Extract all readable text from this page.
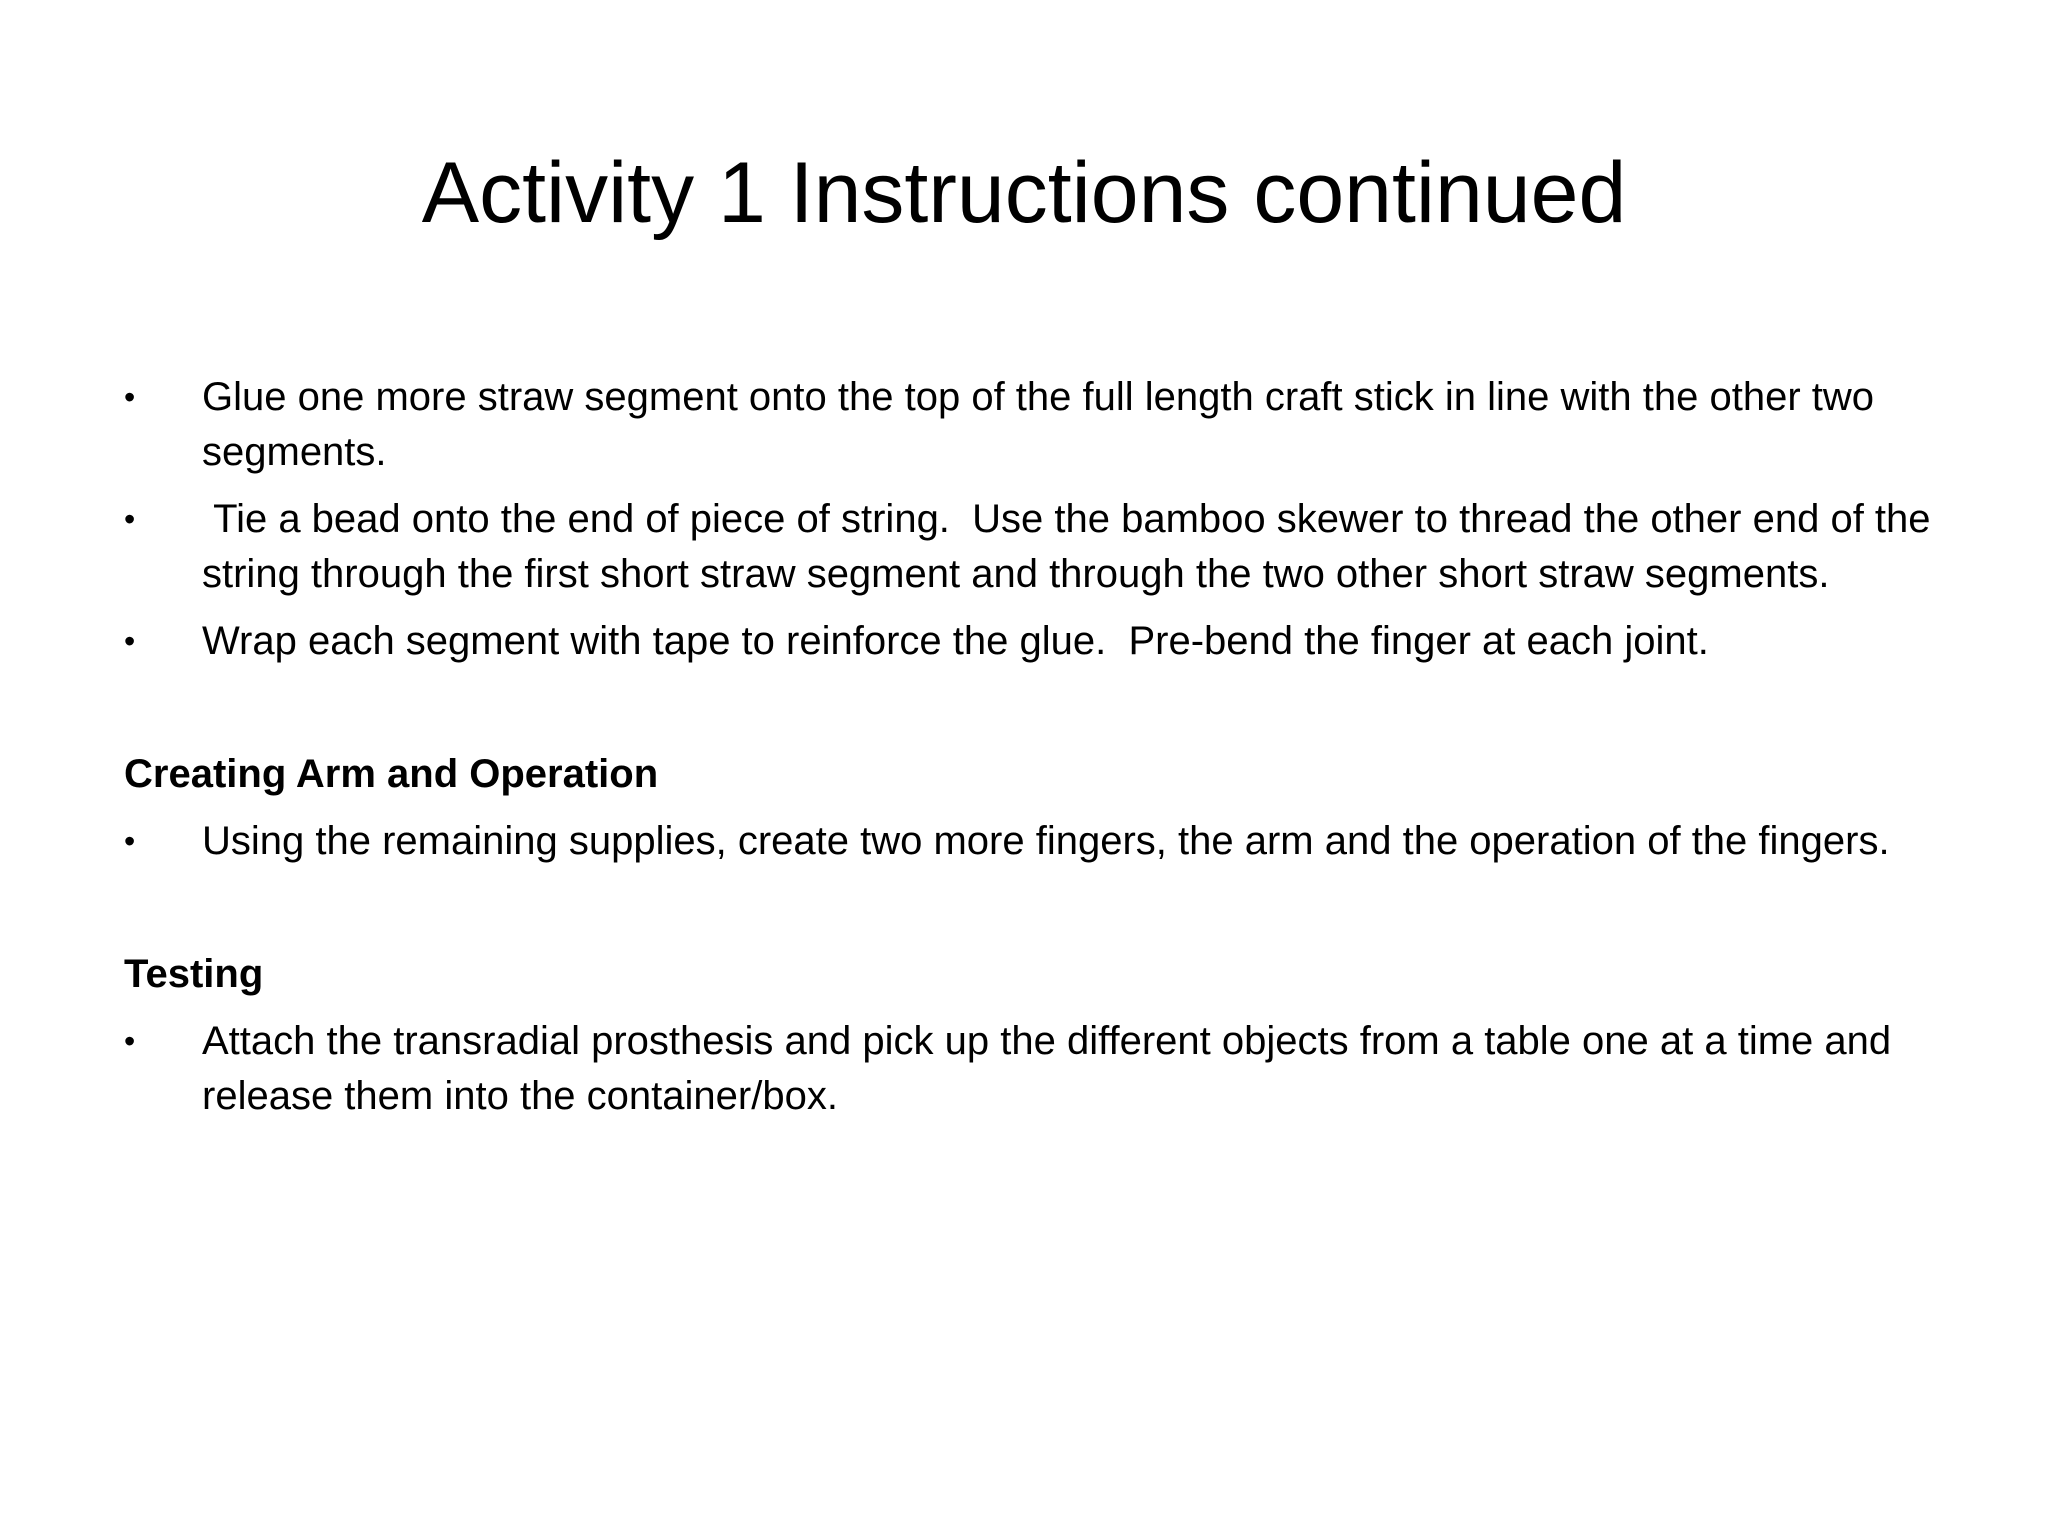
Activity 1 Instructions continued
•	Glue one more straw segment onto the top of the full length craft stick in line with the other two segments.
•	Tie a bead onto the end of piece of string.  Use the bamboo skewer to thread the other end of the string through the first short straw segment and through the two other short straw segments.
•	Wrap each segment with tape to reinforce the glue.  Pre-bend the finger at each joint.
Creating Arm and Operation
•	Using the remaining supplies, create two more fingers, the arm and the operation of the fingers.
Testing
•	Attach the transradial prosthesis and pick up the different objects from a table one at a time and release them into the container/box.
